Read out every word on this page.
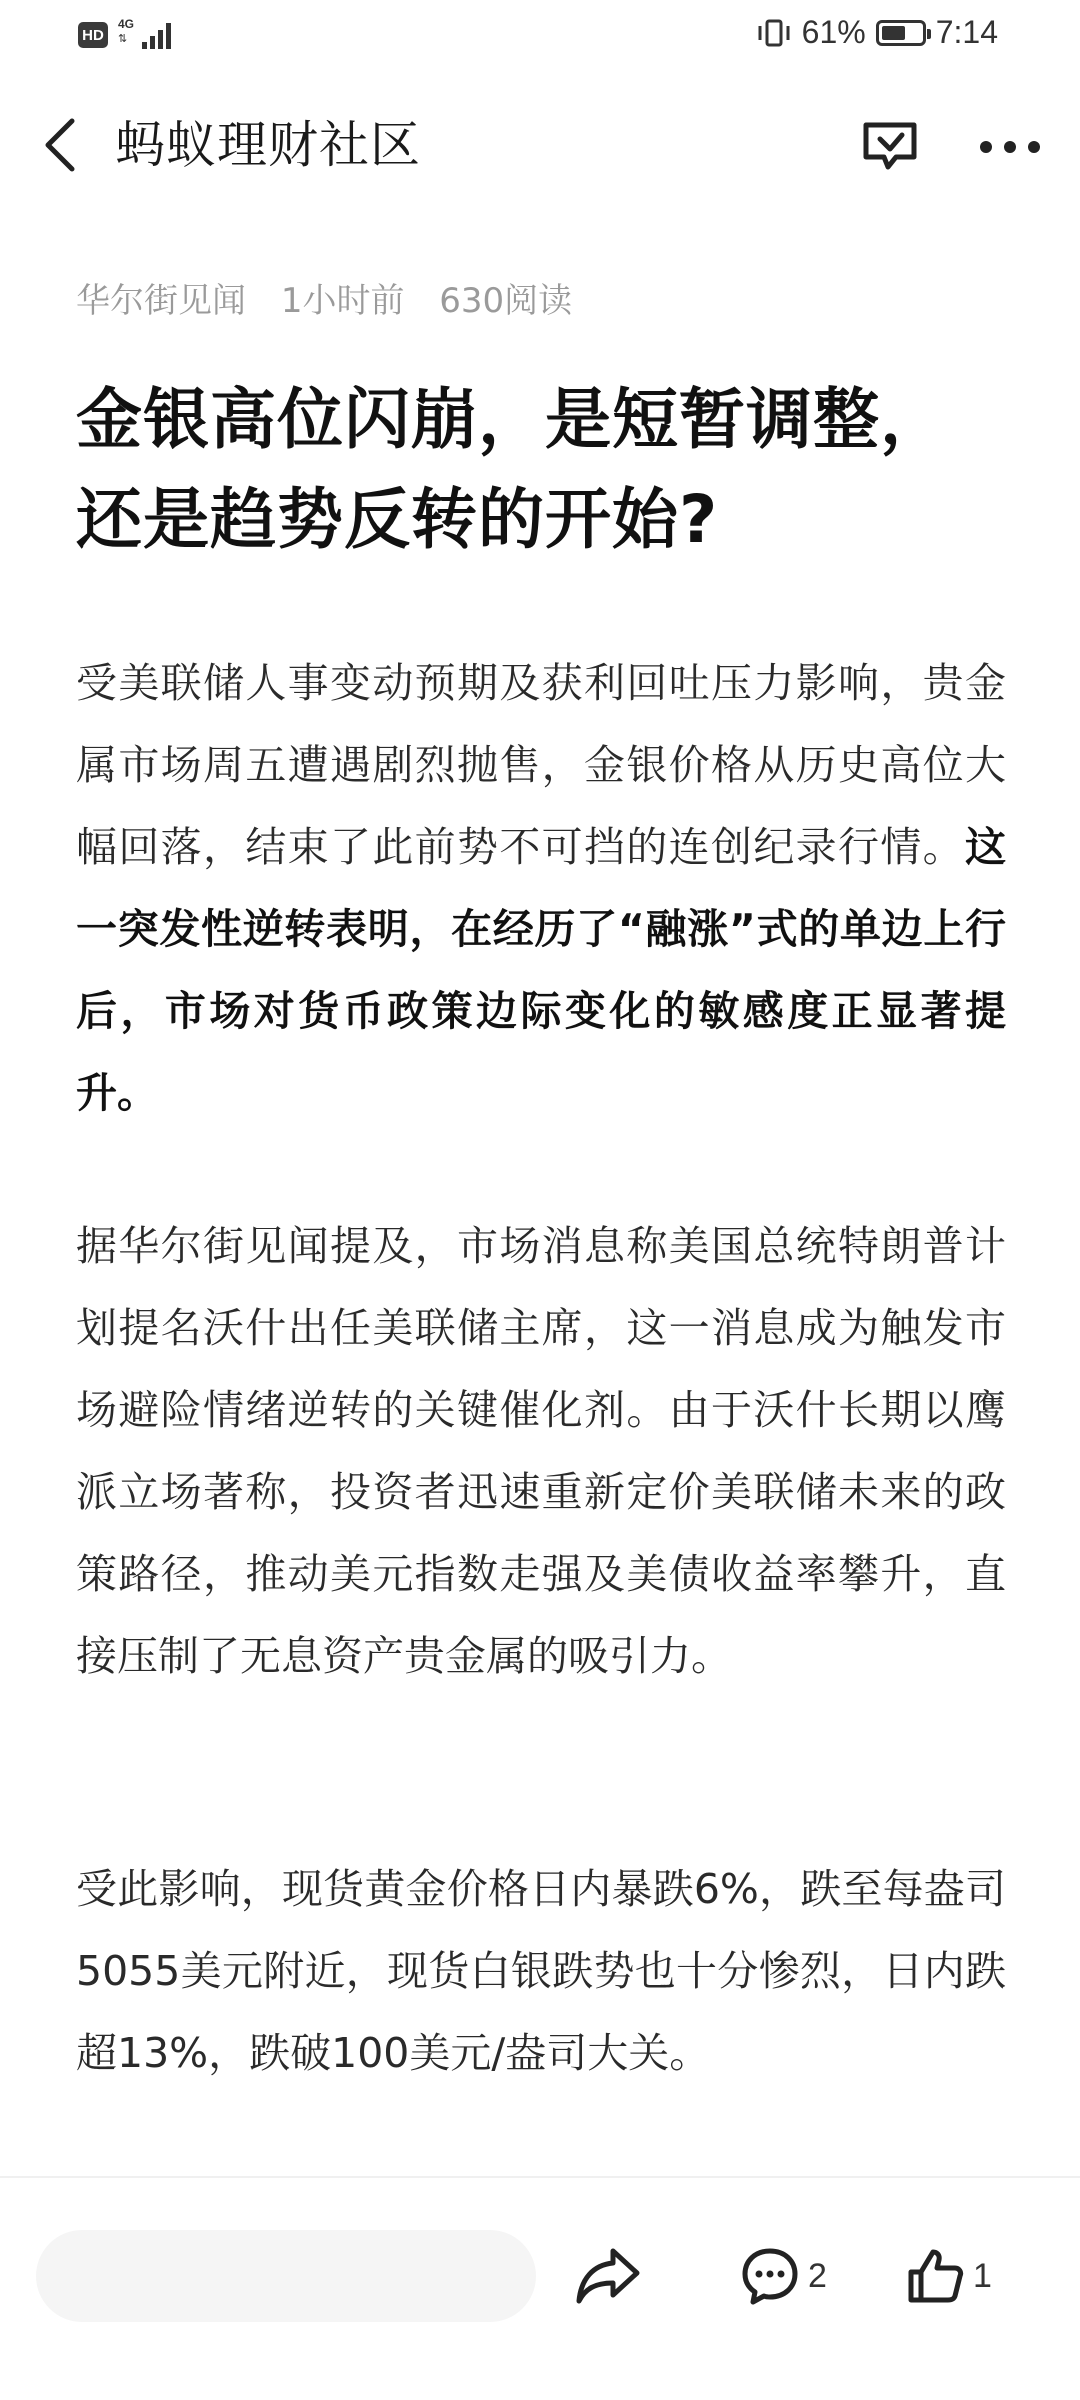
HD
4G
⇅	61% 7:14
蚂蚁理财社区
华尔街见闻 1小时前 630阅读
金银高位闪崩，是短暂调整，还是趋势反转的开始?
受美联储人事变动预期及获利回吐压力影响，贵金属市场周五遭遇剧烈抛售，金银价格从历史高位大幅回落，结束了此前势不可挡的连创纪录行情。这一突发性逆转表明，在经历了“融涨”式的单边上行后，市场对货币政策边际变化的敏感度正显著提升。
据华尔街见闻提及，市场消息称美国总统特朗普计划提名沃什出任美联储主席，这一消息成为触发市场避险情绪逆转的关键催化剂。由于沃什长期以鹰派立场著称，投资者迅速重新定价美联储未来的政策路径，推动美元指数走强及美债收益率攀升，直接压制了无息资产贵金属的吸引力。
受此影响，现货黄金价格日内暴跌6%，跌至每盎司5055美元附近，现货白银跌势也十分惨烈，日内跌超13%，跌破100美元/盎司大关。
2	1
